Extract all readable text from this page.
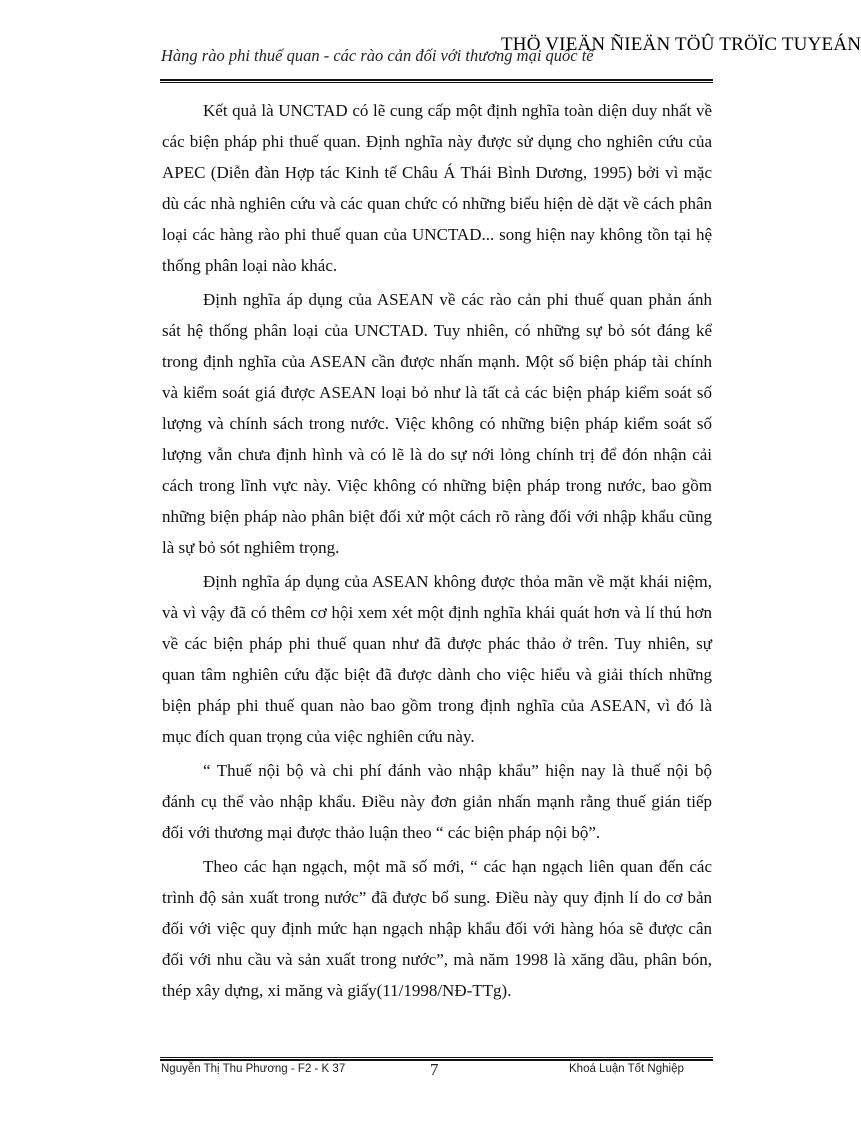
THÖ VIEÄN ÑIEÄN TÖÛ TRÖÏC TUYEÁN
Hàng rào phi thuế quan - các rào cản đối với thương mại quốc tế

Kết quả là UNCTAD có lẽ cung cấp một định nghĩa toàn diện duy nhất về các biện pháp phi thuế quan. Định nghĩa này được sử dụng cho nghiên cứu của APEC (Diễn đàn Hợp tác Kinh tế Châu Á Thái Bình Dương, 1995) bởi vì mặc dù các nhà nghiên cứu và các quan chức có những biểu hiện dè dặt về cách phân loại các hàng rào phi thuế quan của UNCTAD... song hiện nay không tồn tại hệ thống phân loại nào khác.

Định nghĩa áp dụng của ASEAN về các rào cản phi thuế quan phản ánh sát hệ thống phân loại của UNCTAD. Tuy nhiên, có những sự bỏ sót đáng kể trong định nghĩa của ASEAN cần được nhấn mạnh. Một số biện pháp tài chính và kiểm soát giá được ASEAN loại bỏ như là tất cả các biện pháp kiểm soát số lượng và chính sách trong nước. Việc không có những biện pháp kiểm soát số lượng vẫn chưa định hình và có lẽ là do sự nới lỏng chính trị để đón nhận cải cách trong lĩnh vực này. Việc không có những biện pháp trong nước, bao gồm những biện pháp nào phân biệt đối xử một cách rõ ràng đối với nhập khẩu cũng là sự bỏ sót nghiêm trọng.

Định nghĩa áp dụng của ASEAN không được thỏa mãn về mặt khái niệm, và vì vậy đã có thêm cơ hội xem xét một định nghĩa khái quát hơn và lí thú hơn về các biện pháp phi thuế quan như đã được phác thảo ở trên. Tuy nhiên, sự quan tâm nghiên cứu đặc biệt đã được dành cho việc hiểu và giải thích những biện pháp phi thuế quan nào bao gồm trong định nghĩa của ASEAN, vì đó là mục đích quan trọng của việc nghiên cứu này.

“ Thuế nội bộ và chi phí đánh vào nhập khẩu” hiện nay là thuế nội bộ đánh cụ thể vào nhập khẩu. Điều này đơn giản nhấn mạnh rằng thuế gián tiếp đối với thương mại được thảo luận theo “ các biện pháp nội bộ”.

Theo các hạn ngạch, một mã số mới, “ các hạn ngạch liên quan đến các trình độ sản xuất trong nước” đã được bổ sung. Điều này quy định lí do cơ bản đối với việc quy định mức hạn ngạch nhập khẩu đối với hàng hóa sẽ được cân đối với nhu cầu và sản xuất trong nước”, mà năm 1998 là xăng dầu, phân bón, thép xây dựng, xi măng và giấy(11/1998/NĐ-TTg).

Nguyễn Thị Thu Phương - F2 - K 37	7	Khoá Luận Tốt Nghiệp
